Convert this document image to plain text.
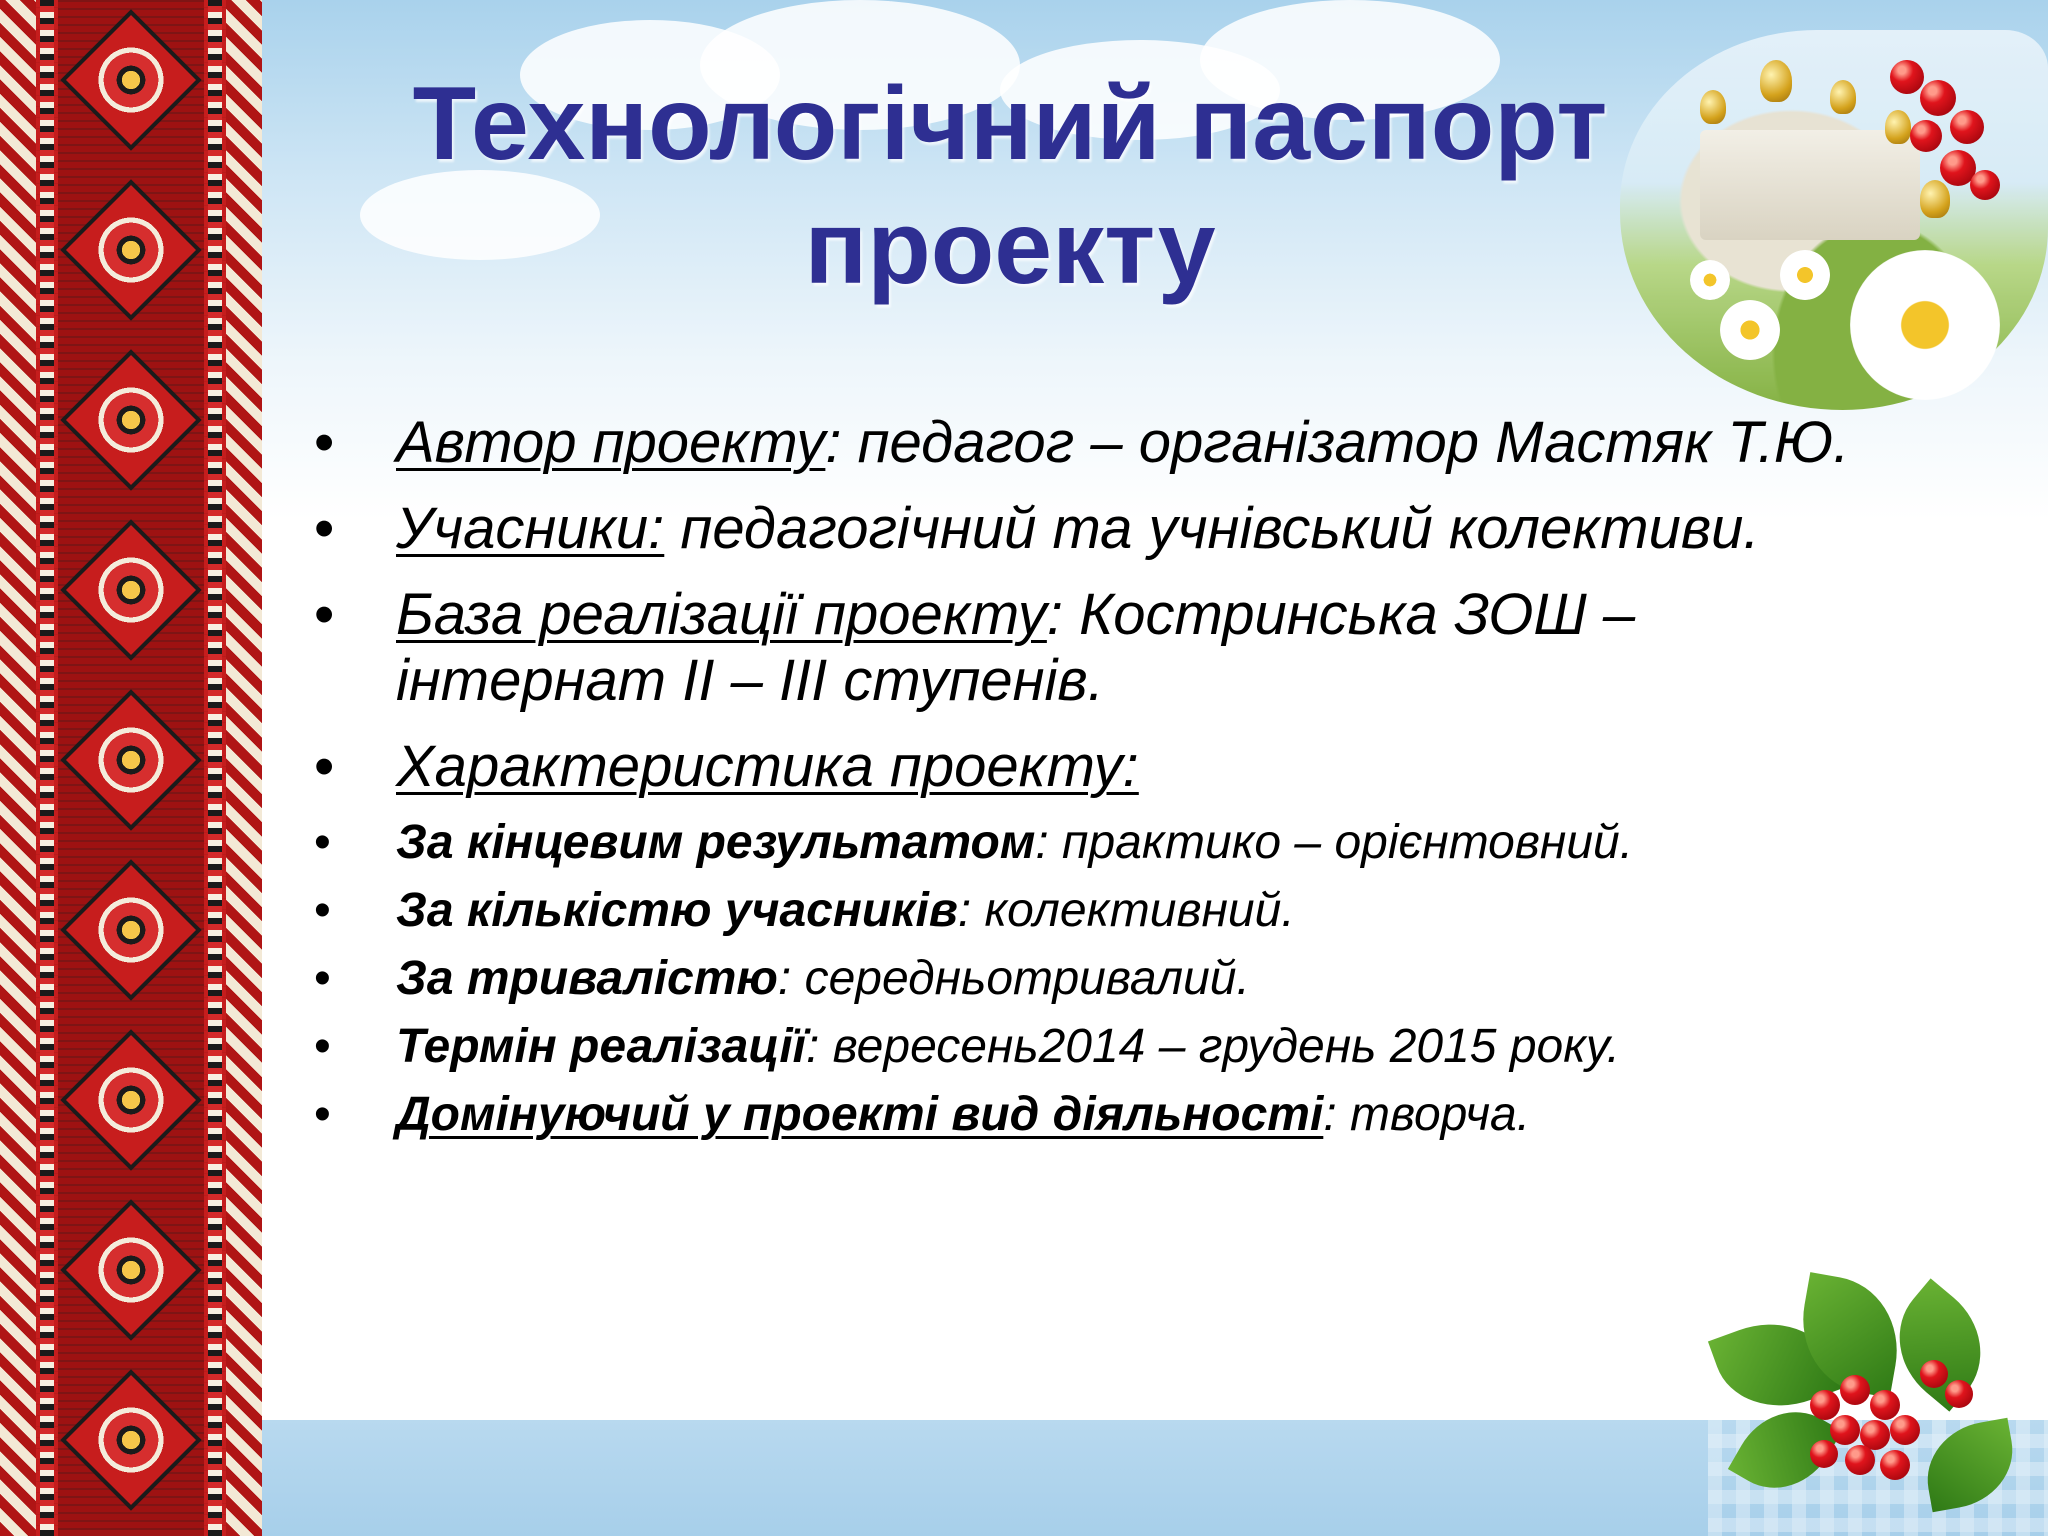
Технологічний паспорт
проекту
• Автор проекту: педагог – організатор Мастяк Т.Ю.
• Учасники: педагогічний та учнівський колективи.
• База реалізації проекту: Костринська ЗОШ – інтернат ІІ – ІІІ ступенів.
• Характеристика проекту:
• За кінцевим результатом: практико – орієнтовний.
• За кількістю учасників: колективний.
• За тривалістю: середньотривалий.
• Термін реалізації: вересень2014 – грудень 2015 року.
• Домінуючий у проекті вид діяльності: творча.
